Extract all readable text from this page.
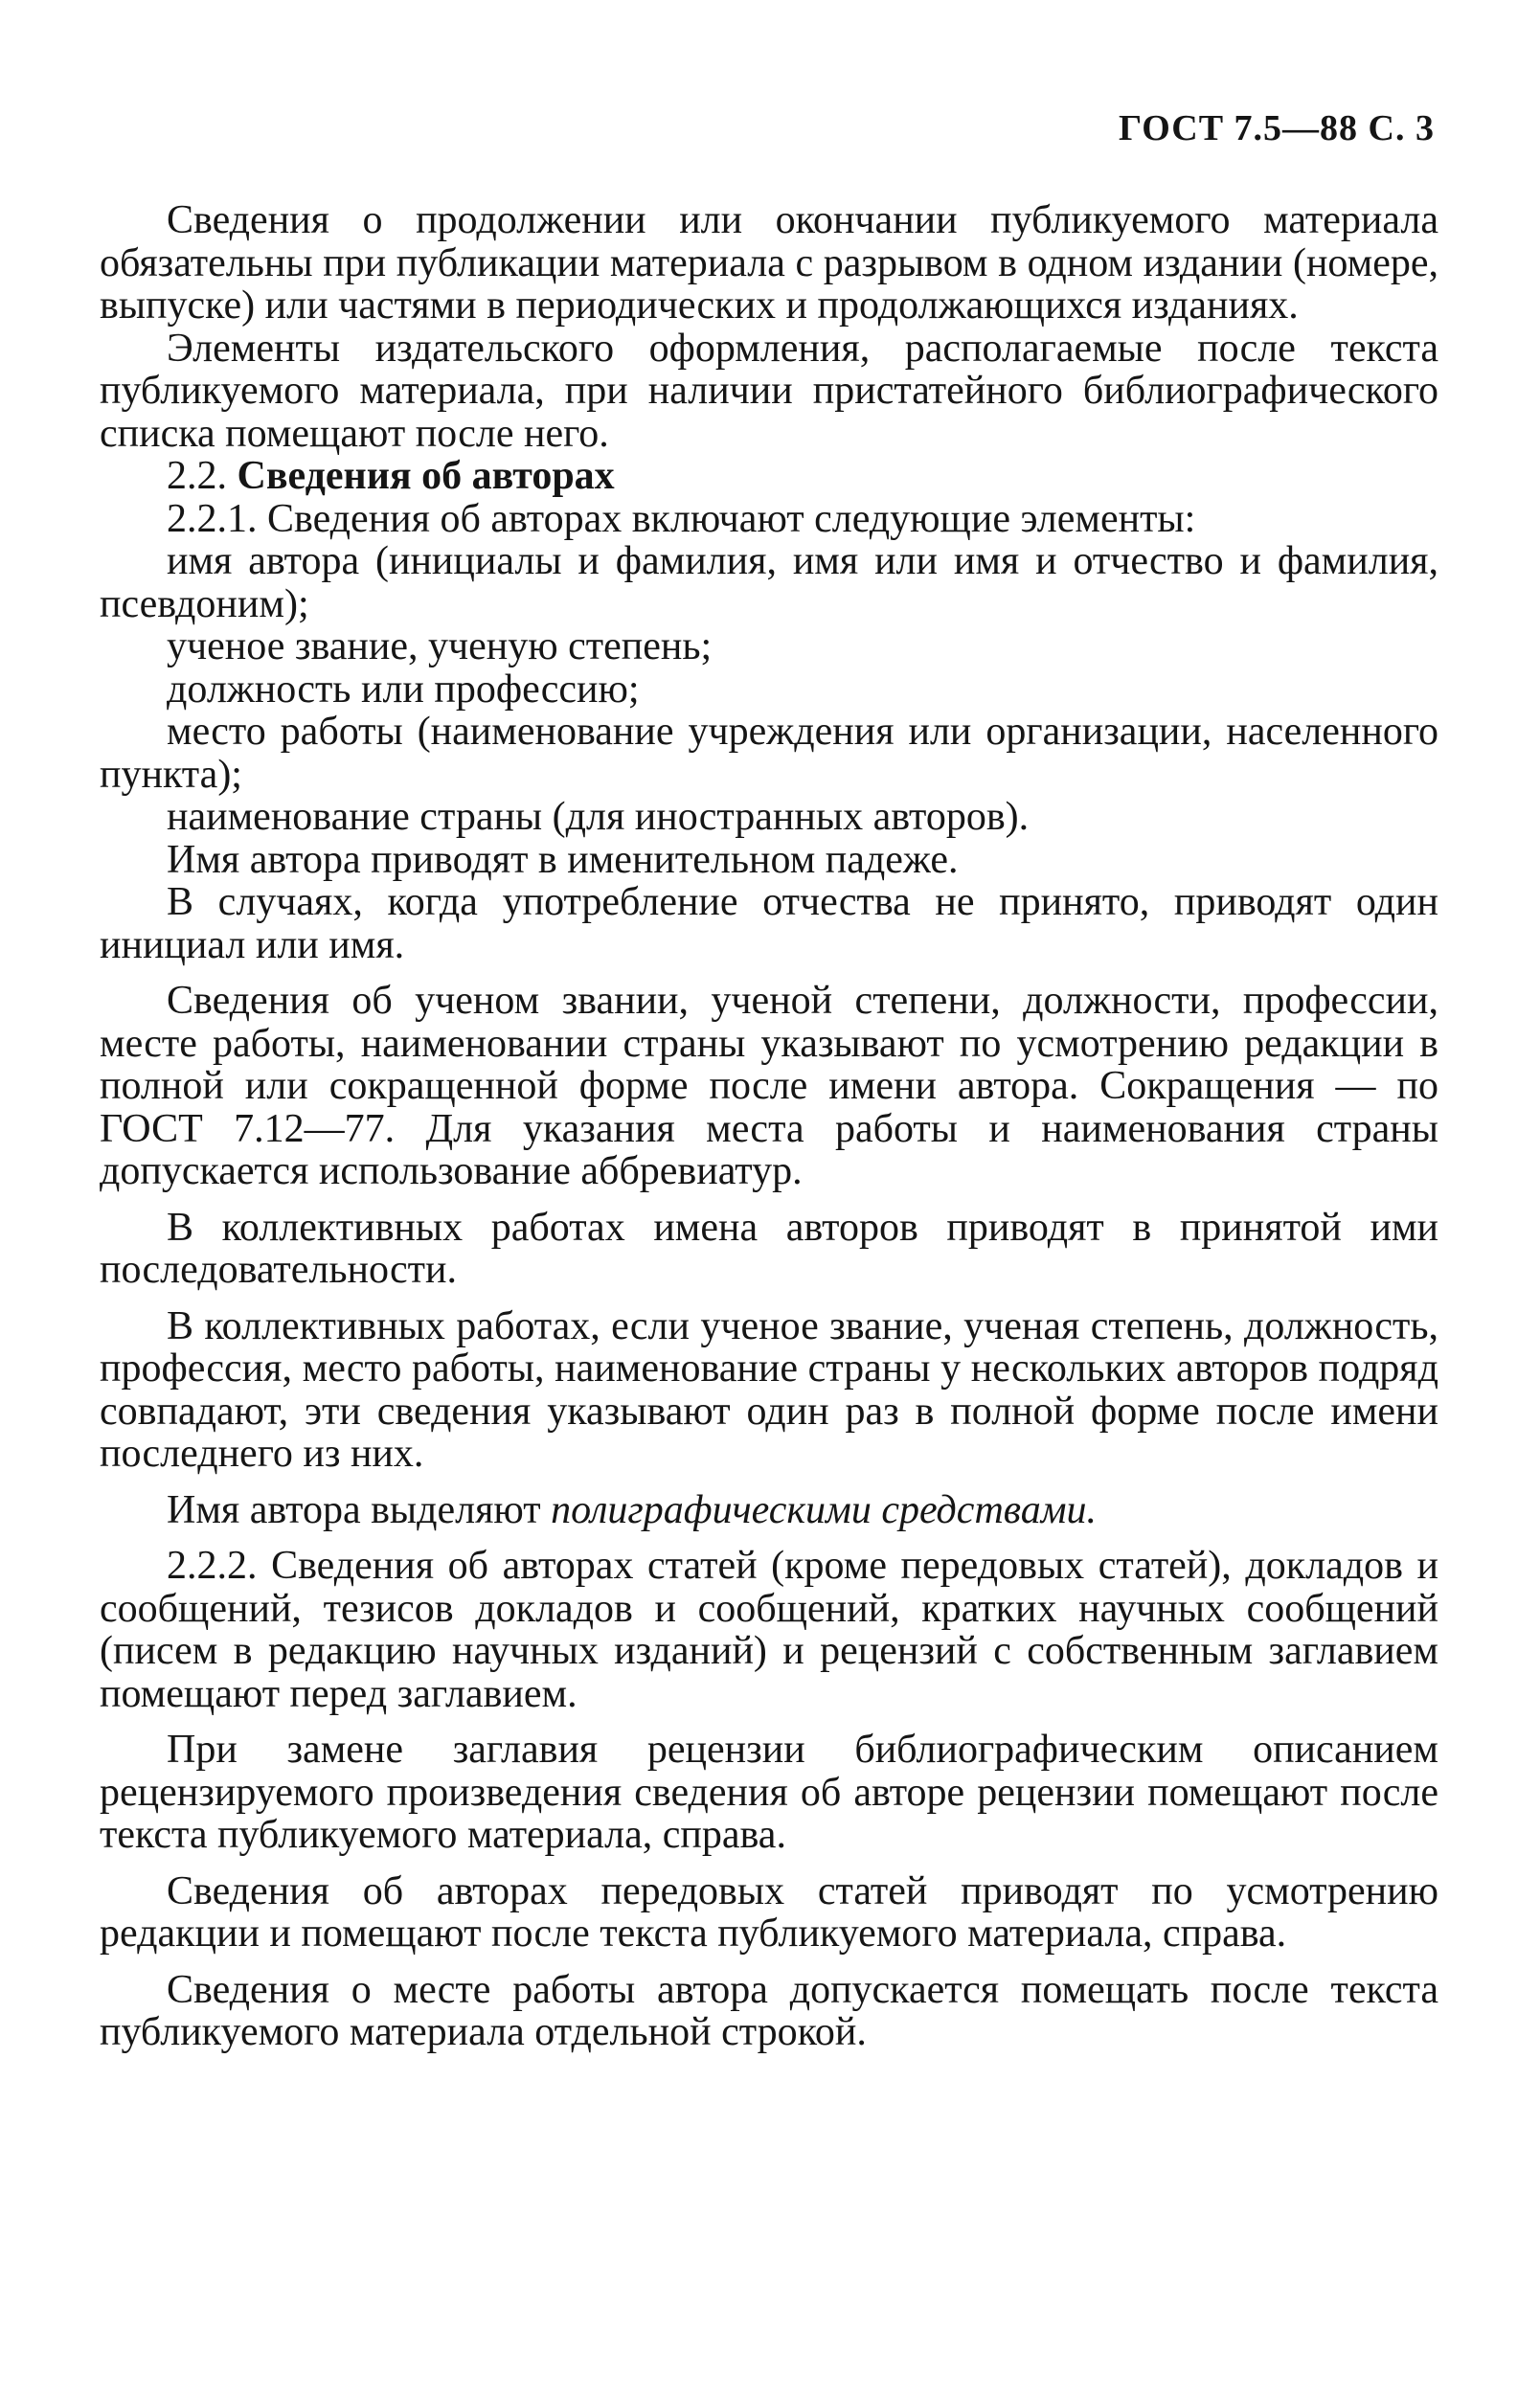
ГОСТ 7.5—88 С. 3

Сведения о продолжении или окончании публикуемого материала обязательны при публикации материала с разрывом в одном издании (номере, выпуске) или частями в периодических и продолжающихся изданиях.

Элементы издательского оформления, располагаемые после текста публикуемого материала, при наличии пристатейного библиографического списка помещают после него.

2.2. Сведения об авторах

2.2.1. Сведения об авторах включают следующие элементы:

имя автора (инициалы и фамилия, имя или имя и отчество и фамилия, псевдоним);

ученое звание, ученую степень;

должность или профессию;

место работы (наименование учреждения или организации, населенного пункта);

наименование страны (для иностранных авторов).

Имя автора приводят в именительном падеже.

В случаях, когда употребление отчества не принято, приводят один инициал или имя.

Сведения об ученом звании, ученой степени, должности, профессии, месте работы, наименовании страны указывают по усмотрению редакции в полной или сокращенной форме после имени автора. Сокращения — по ГОСТ 7.12—77. Для указания места работы и наименования страны допускается использование аббревиатур.

В коллективных работах имена авторов приводят в принятой ими последовательности.

В коллективных работах, если ученое звание, ученая степень, должность, профессия, место работы, наименование страны у нескольких авторов подряд совпадают, эти сведения указывают один раз в полной форме после имени последнего из них.

Имя автора выделяют полиграфическими средствами.

2.2.2. Сведения об авторах статей (кроме передовых статей), докладов и сообщений, тезисов докладов и сообщений, кратких научных сообщений (писем в редакцию научных изданий) и рецензий с собственным заглавием помещают перед заглавием.

При замене заглавия рецензии библиографическим описанием рецензируемого произведения сведения об авторе рецензии помещают после текста публикуемого материала, справа.

Сведения об авторах передовых статей приводят по усмотрению редакции и помещают после текста публикуемого материала, справа.

Сведения о месте работы автора допускается помещать после текста публикуемого материала отдельной строкой.
